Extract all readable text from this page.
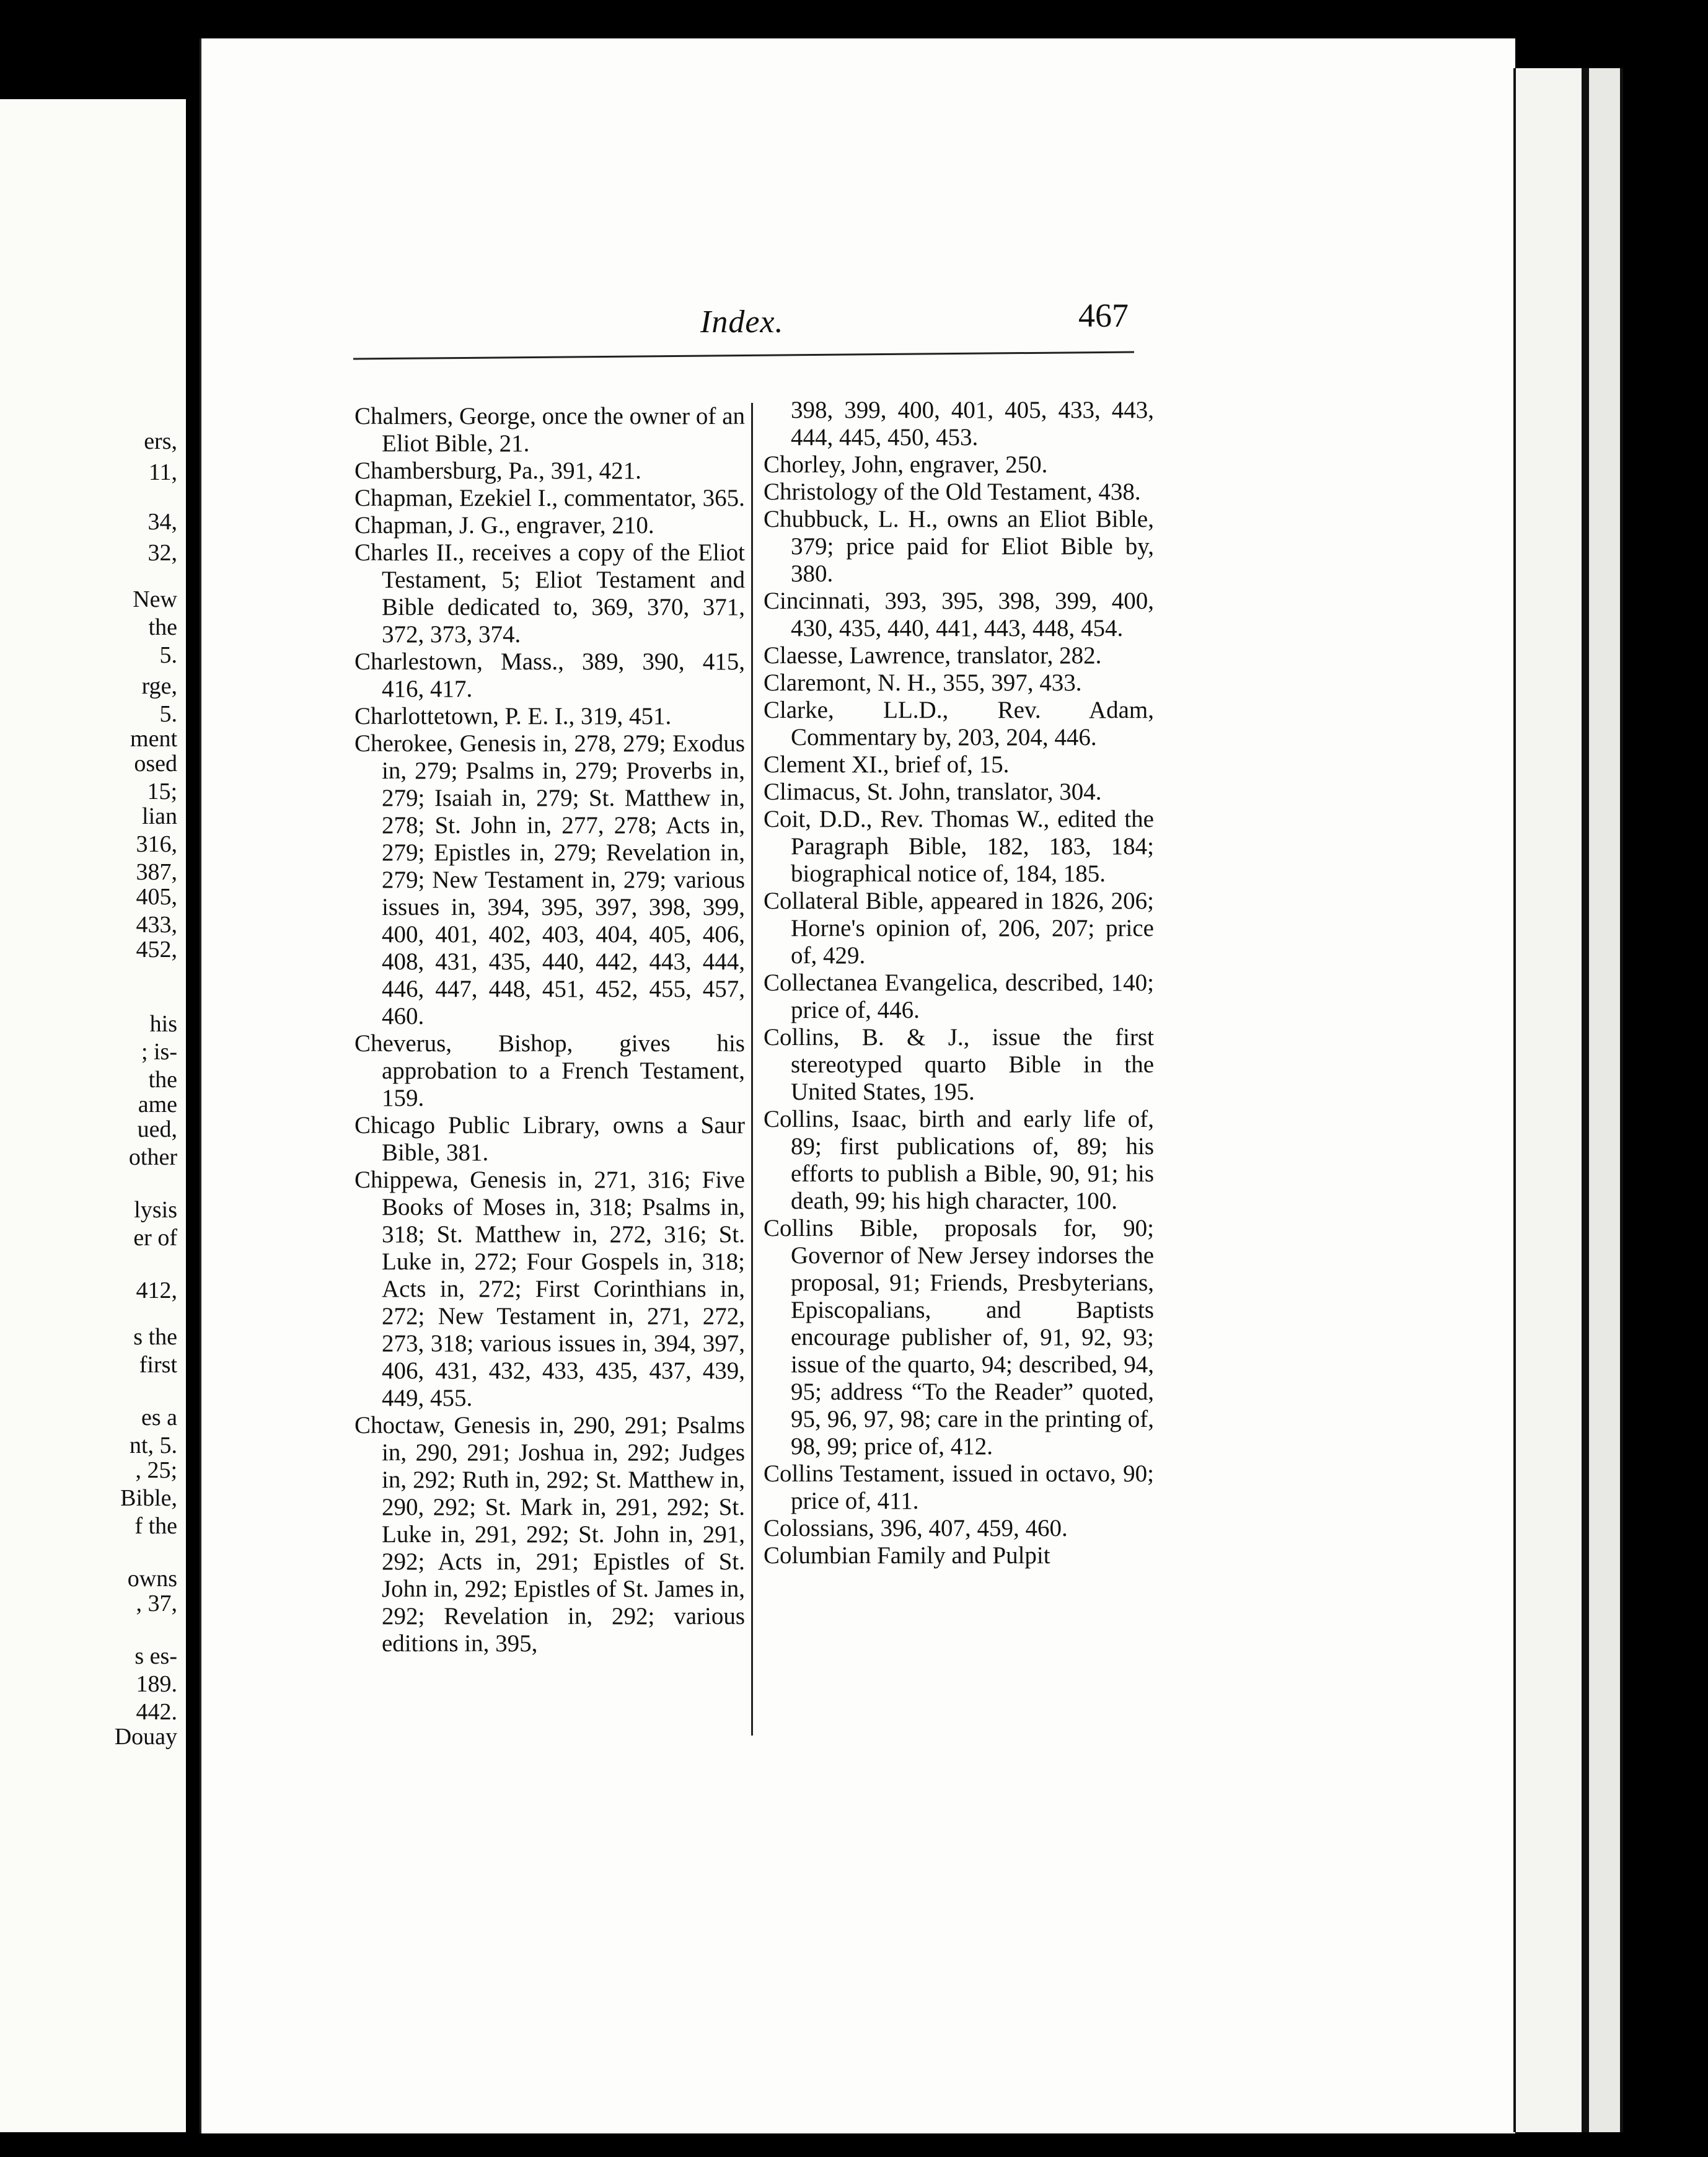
ers,
11,
34,
32,
New
the
5.
rge,
5.
ment
osed
15;
lian
316,
387,
405,
433,
452,
his
; is-
the
ame
ued,
other
lysis
er of
412,
s the
first
es a
nt, 5.
, 25;
Bible,
f the
owns
, 37,
s es-
189.
442.
Douay
Index.	467

Chalmers, George, once the owner of an Eliot Bible, 21.

Chambersburg, Pa., 391, 421.

Chapman, Ezekiel I., commentator, 365.

Chapman, J. G., engraver, 210.

Charles II., receives a copy of the Eliot Testament, 5; Eliot Testament and Bible dedicated to, 369, 370, 371, 372, 373, 374.

Charlestown, Mass., 389, 390, 415, 416, 417.

Charlottetown, P. E. I., 319, 451.

Cherokee, Genesis in, 278, 279; Exodus in, 279; Psalms in, 279; Proverbs in, 279; Isaiah in, 279; St. Matthew in, 278; St. John in, 277, 278; Acts in, 279; Epistles in, 279; Revelation in, 279; New Testament in, 279; various issues in, 394, 395, 397, 398, 399, 400, 401, 402, 403, 404, 405, 406, 408, 431, 435, 440, 442, 443, 444, 446, 447, 448, 451, 452, 455, 457, 460.

Cheverus, Bishop, gives his approbation to a French Testament, 159.

Chicago Public Library, owns a Saur Bible, 381.

Chippewa, Genesis in, 271, 316; Five Books of Moses in, 318; Psalms in, 318; St. Matthew in, 272, 316; St. Luke in, 272; Four Gospels in, 318; Acts in, 272; First Corinthians in, 272; New Testament in, 271, 272, 273, 318; various issues in, 394, 397, 406, 431, 432, 433, 435, 437, 439, 449, 455.

Choctaw, Genesis in, 290, 291; Psalms in, 290, 291; Joshua in, 292; Judges in, 292; Ruth in, 292; St. Matthew in, 290, 292; St. Mark in, 291, 292; St. Luke in, 291, 292; St. John in, 291, 292; Acts in, 291; Epistles of St. John in, 292; Epistles of St. James in, 292; Revelation in, 292; various editions in, 395,

398, 399, 400, 401, 405, 433, 443, 444, 445, 450, 453.

Chorley, John, engraver, 250.

Christology of the Old Testament, 438.

Chubbuck, L. H., owns an Eliot Bible, 379; price paid for Eliot Bible by, 380.

Cincinnati, 393, 395, 398, 399, 400, 430, 435, 440, 441, 443, 448, 454.

Claesse, Lawrence, translator, 282.

Claremont, N. H., 355, 397, 433.

Clarke, LL.D., Rev. Adam, Commentary by, 203, 204, 446.

Clement XI., brief of, 15.

Climacus, St. John, translator, 304.

Coit, D.D., Rev. Thomas W., edited the Paragraph Bible, 182, 183, 184; biographical notice of, 184, 185.

Collateral Bible, appeared in 1826, 206; Horne's opinion of, 206, 207; price of, 429.

Collectanea Evangelica, described, 140; price of, 446.

Collins, B. & J., issue the first stereotyped quarto Bible in the United States, 195.

Collins, Isaac, birth and early life of, 89; first publications of, 89; his efforts to publish a Bible, 90, 91; his death, 99; his high character, 100.

Collins Bible, proposals for, 90; Governor of New Jersey indorses the proposal, 91; Friends, Presbyterians, Episcopalians, and Baptists encourage publisher of, 91, 92, 93; issue of the quarto, 94; described, 94, 95; address “To the Reader” quoted, 95, 96, 97, 98; care in the printing of, 98, 99; price of, 412.

Collins Testament, issued in octavo, 90; price of, 411.

Colossians, 396, 407, 459, 460.

Columbian Family and Pulpit
